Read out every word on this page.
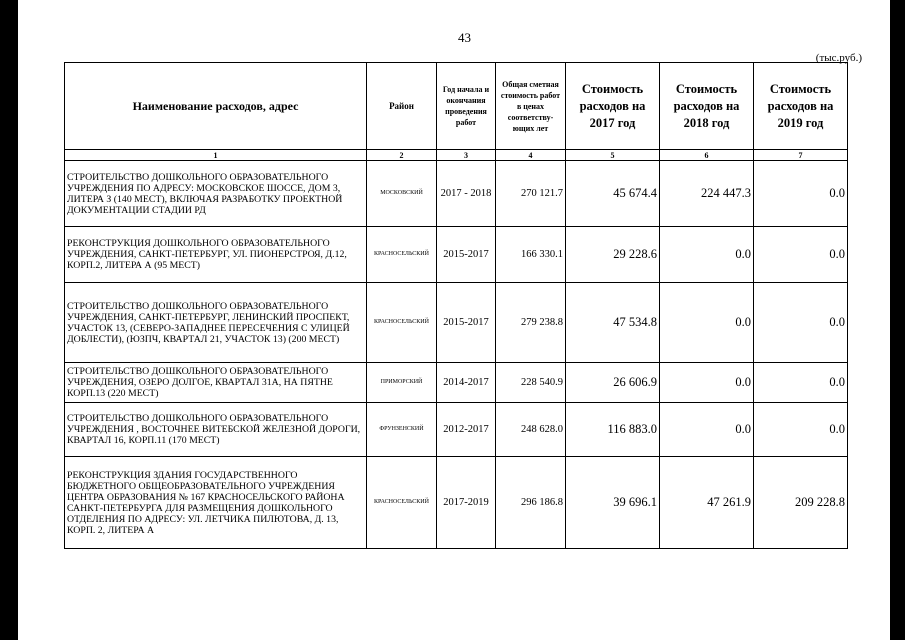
43
(тыс.руб.)
Наименование расходов, адрес	Район	Год начала и окончания проведения работ	Общая сметная стоимость работ в ценах соответству-ющих лет	Стоимость расходов на 2017 год	Стоимость расходов на 2018 год	Стоимость расходов на 2019 год
1	2	3	4	5	6	7
СТРОИТЕЛЬСТВО ДОШКОЛЬНОГО ОБРАЗОВАТЕЛЬНОГО УЧРЕЖДЕНИЯ ПО АДРЕСУ: МОСКОВСКОЕ ШОССЕ, ДОМ 3, ЛИТЕРА З (140 МЕСТ), ВКЛЮЧАЯ РАЗРАБОТКУ ПРОЕКТНОЙ ДОКУМЕНТАЦИИ СТАДИИ РД	МОСКОВСКИЙ	2017 - 2018	270 121.7	45 674.4	224 447.3	0.0
РЕКОНСТРУКЦИЯ ДОШКОЛЬНОГО ОБРАЗОВАТЕЛЬНОГО УЧРЕЖДЕНИЯ, САНКТ-ПЕТЕРБУРГ, УЛ. ПИОНЕРСТРОЯ, Д.12, КОРП.2, ЛИТЕРА А (95 МЕСТ)	КРАСНОСЕЛЬСКИЙ	2015-2017	166 330.1	29 228.6	0.0	0.0
СТРОИТЕЛЬСТВО ДОШКОЛЬНОГО ОБРАЗОВАТЕЛЬНОГО УЧРЕЖДЕНИЯ, САНКТ-ПЕТЕРБУРГ, ЛЕНИНСКИЙ ПРОСПЕКТ, УЧАСТОК 13, (СЕВЕРО-ЗАПАДНЕЕ ПЕРЕСЕЧЕНИЯ С УЛИЦЕЙ ДОБЛЕСТИ), (ЮЗПЧ, КВАРТАЛ 21, УЧАСТОК 13) (200 МЕСТ)	КРАСНОСЕЛЬСКИЙ	2015-2017	279 238.8	47 534.8	0.0	0.0
СТРОИТЕЛЬСТВО ДОШКОЛЬНОГО ОБРАЗОВАТЕЛЬНОГО УЧРЕЖДЕНИЯ, ОЗЕРО ДОЛГОЕ, КВАРТАЛ 31А, НА ПЯТНЕ КОРП.13 (220 МЕСТ)	ПРИМОРСКИЙ	2014-2017	228 540.9	26 606.9	0.0	0.0
СТРОИТЕЛЬСТВО ДОШКОЛЬНОГО ОБРАЗОВАТЕЛЬНОГО УЧРЕЖДЕНИЯ , ВОСТОЧНЕЕ ВИТЕБСКОЙ ЖЕЛЕЗНОЙ ДОРОГИ, КВАРТАЛ 16, КОРП.11 (170 МЕСТ)	ФРУНЗЕНСКИЙ	2012-2017	248 628.0	116 883.0	0.0	0.0
РЕКОНСТРУКЦИЯ ЗДАНИЯ ГОСУДАРСТВЕННОГО БЮДЖЕТНОГО ОБЩЕОБРАЗОВАТЕЛЬНОГО УЧРЕЖДЕНИЯ ЦЕНТРА ОБРАЗОВАНИЯ № 167 КРАСНОСЕЛЬСКОГО РАЙОНА САНКТ-ПЕТЕРБУРГА ДЛЯ РАЗМЕЩЕНИЯ ДОШКОЛЬНОГО ОТДЕЛЕНИЯ ПО АДРЕСУ: УЛ. ЛЕТЧИКА ПИЛЮТОВА, Д. 13, КОРП. 2, ЛИТЕРА А	КРАСНОСЕЛЬСКИЙ	2017-2019	296 186.8	39 696.1	47 261.9	209 228.8
